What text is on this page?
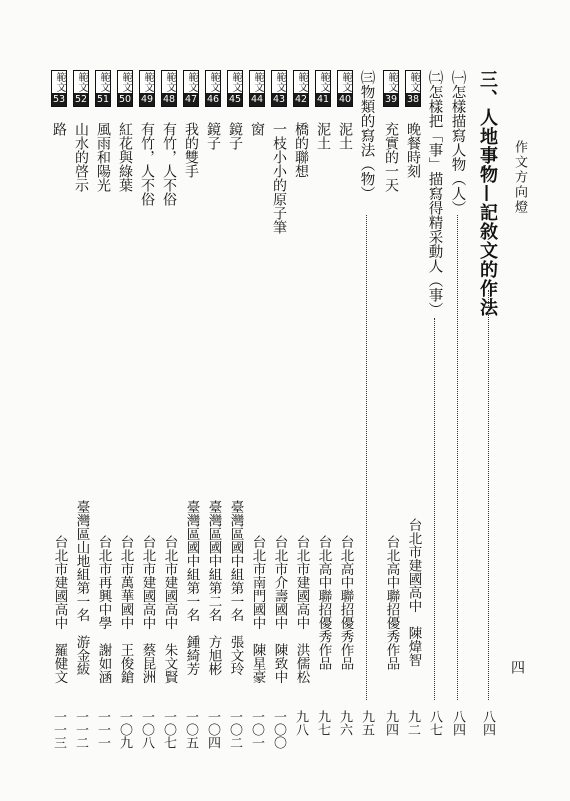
作文方向燈
四
三、人地事物—記敘文的作法
八四
㈠怎樣描寫人物（人）
八四
㈡怎樣把「事」描寫得精采動人（事）
八七
範文
38
晚餐時刻
台北市建國高中　陳煒智
九二
範文
39
充實的一天
台北高中聯招優秀作品
九四
㈢物類的寫法（物）
九五
範文
40
泥土
台北高中聯招優秀作品
九六
範文
41
泥土
台北高中聯招優秀作品
九七
範文
42
橋的聯想
台北市建國高中　洪儒松
九八
範文
43
一枝小小的原子筆
台北市介壽國中　陳致中
一〇〇
範文
44
窗
台北市南門國中　陳星豪
一〇一
範文
45
鏡子
臺灣區國中組第一名　張文玲
一〇二
範文
46
鏡子
臺灣區國中組第二名　方旭彬
一〇四
範文
47
我的雙手
臺灣區國中組第一名　鍾綺芳
一〇五
範文
48
有竹，人不俗
台北市建國高中　朱文賢
一〇七
範文
49
有竹，人不俗
台北市建國高中　蔡昆洲
一〇八
範文
50
紅花與綠葉
台北市萬華國中　王俊鎗
一〇九
範文
51
風雨和陽光
台北市再興中學　謝如涵
一一一
範文
52
山水的啓示
臺灣區山地組第一名　游金紱
一一二
範文
53
路
台北市建國高中　羅健文
一一三
